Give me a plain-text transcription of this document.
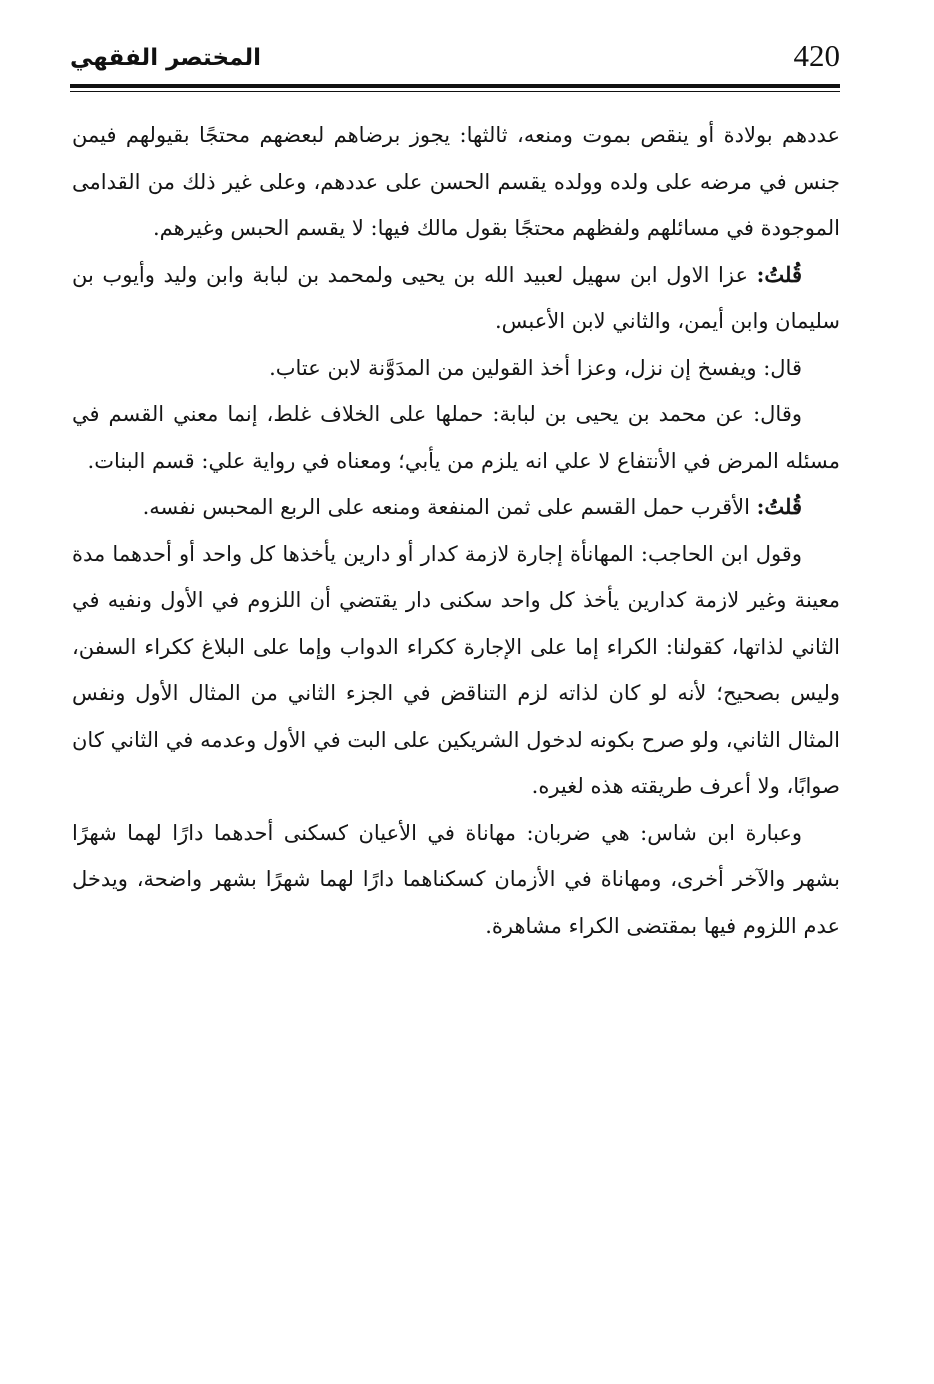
420
المختصر الفقهي

عددهم بولادة أو ينقص بموت ومنعه، ثالثها: يجوز برضاهم لبعضهم محتجًا بقيولهم فيمن جنس في مرضه على ولده وولده يقسم الحسن على عددهم، وعلى غير ذلك من القدامى الموجودة في مسائلهم ولفظهم محتجًا بقول مالك فيها: لا يقسم الحبس وغيرهم.

قُلتُ: عزا الاول ابن سهيل لعبيد الله بن يحيى ولمحمد بن لبابة وابن وليد وأيوب بن سليمان وابن أيمن، والثاني لابن الأعبس.

قال: ويفسخ إن نزل، وعزا أخذ القولين من المدَوَّنة لابن عتاب.

وقال: عن محمد بن يحيى بن لبابة: حملها على الخلاف غلط، إنما معني القسم في مسئله المرض في الأنتفاع لا علي انه يلزم من يأبي؛ ومعناه في رواية علي: قسم البنات.

قُلتُ: الأقرب حمل القسم على ثمن المنفعة ومنعه على الربع المحبس نفسه.

وقول ابن الحاجب: المهانأة إجارة لازمة كدار أو دارين يأخذها كل واحد أو أحدهما مدة معينة وغير لازمة كدارين يأخذ كل واحد سكنى دار يقتضي أن اللزوم في الأول ونفيه في الثاني لذاتها، كقولنا: الكراء إما على الإجارة ككراء الدواب وإما على البلاغ ككراء السفن، وليس بصحيح؛ لأنه لو كان لذاته لزم التناقض في الجزء الثاني من المثال الأول ونفس المثال الثاني، ولو صرح بكونه لدخول الشريكين على البت في الأول وعدمه في الثاني كان صوابًا، ولا أعرف طريقته هذه لغيره.

وعبارة ابن شاس: هي ضربان: مهاناة في الأعيان كسكنى أحدهما دارًا لهما شهرًا بشهر والآخر أخرى، ومهاناة في الأزمان كسكناهما دارًا لهما شهرًا بشهر واضحة، ويدخل عدم اللزوم فيها بمقتضى الكراء مشاهرة.
